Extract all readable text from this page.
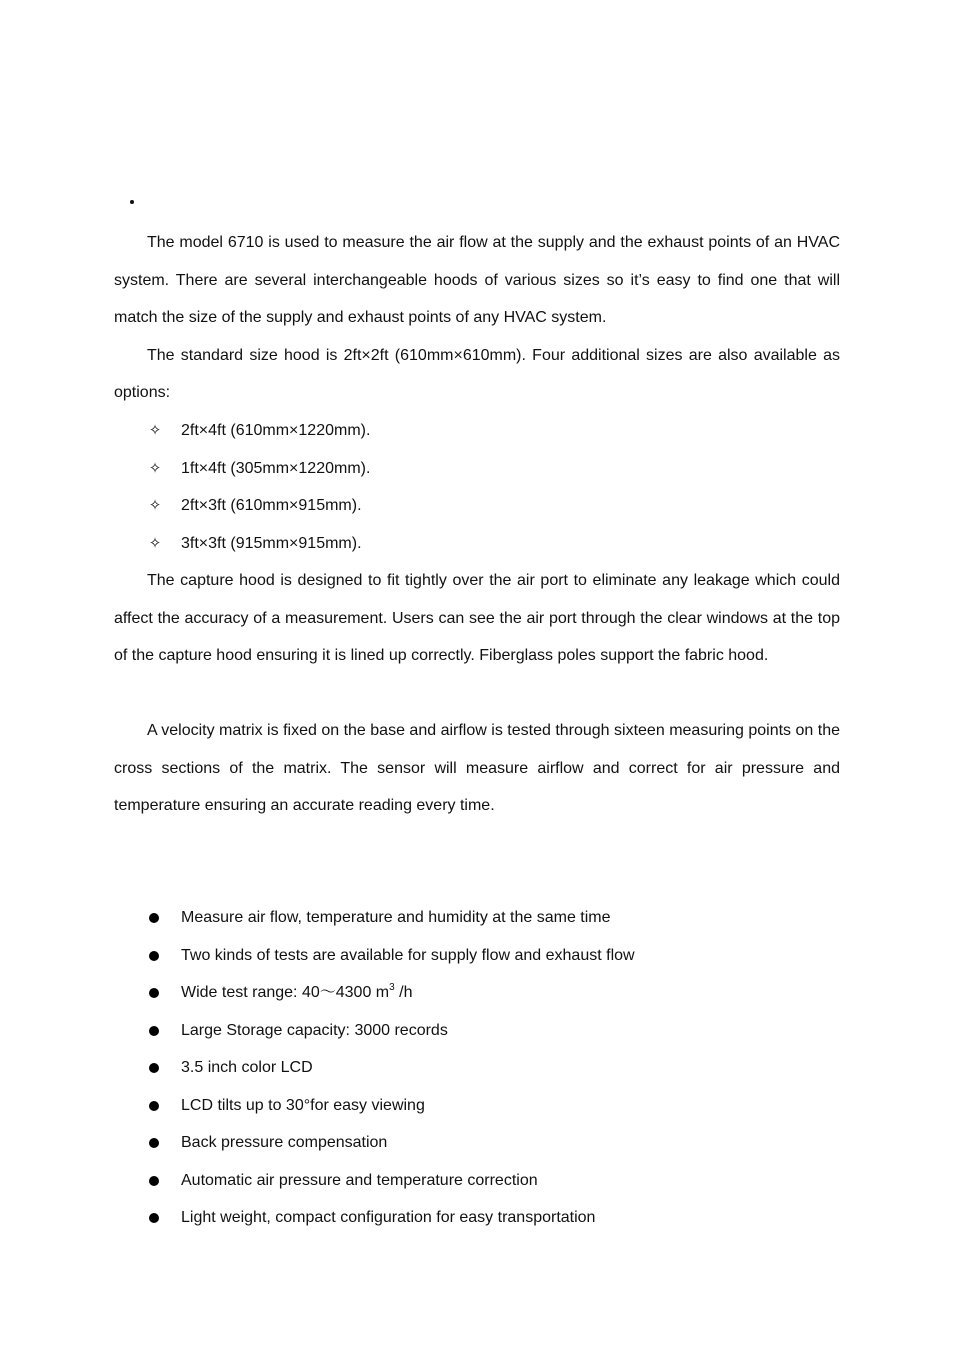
The model 6710 is used to measure the air flow at the supply and the exhaust points of an HVAC system. There are several interchangeable hoods of various sizes so it’s easy to find one that will match the size of the supply and exhaust points of any HVAC system.

The standard size hood is 2ft×2ft (610mm×610mm). Four additional sizes are also available as options:

✧ 2ft×4ft (610mm×1220mm).
✧ 1ft×4ft (305mm×1220mm).
✧ 2ft×3ft (610mm×915mm).
✧ 3ft×3ft (915mm×915mm).

The capture hood is designed to fit tightly over the air port to eliminate any leakage which could affect the accuracy of a measurement. Users can see the air port through the clear windows at the top of the capture hood ensuring it is lined up correctly. Fiberglass poles support the fabric hood.

A velocity matrix is fixed on the base and airflow is tested through sixteen measuring points on the cross sections of the matrix. The sensor will measure airflow and correct for air pressure and temperature ensuring an accurate reading every time.

Measure air flow, temperature and humidity at the same time
Two kinds of tests are available for supply flow and exhaust flow
Wide test range: 40～4300 $m^3$ /h
Large Storage capacity: 3000 records
3.5 inch color LCD
LCD tilts up to 30°for easy viewing
Back pressure compensation
Automatic air pressure and temperature correction
Light weight, compact configuration for easy transportation
